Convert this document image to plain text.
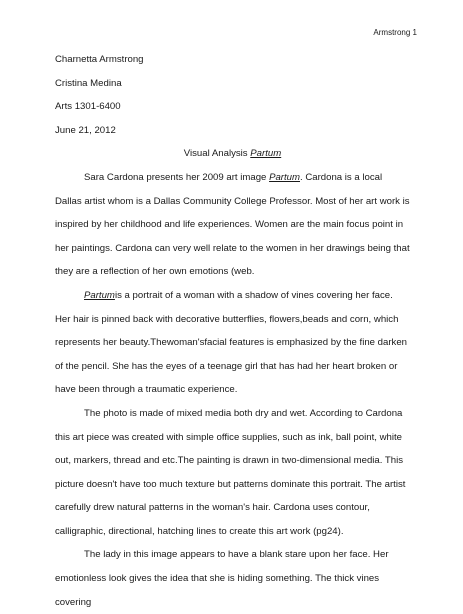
Armstrong 1

Charnetta Armstrong

Cristina Medina

Arts 1301-6400

June 21, 2012

Visual Analysis Partum

Sara Cardona presents her 2009 art image Partum. Cardona is a local Dallas artist whom is a Dallas Community College Professor. Most of her art work is inspired by her childhood and life experiences. Women are the main focus point in her paintings. Cardona can very well relate to the women in her drawings being that they are a reflection of her own emotions (web.

Partumis a portrait of a woman with a shadow of vines covering her face. Her hair is pinned back with decorative butterflies, flowers,beads and corn, which represents her beauty.Thewoman'sfacial features is emphasized by the fine darken of the pencil. She has the eyes of a teenage girl that has had her heart broken or have been through a traumatic experience.

The photo is made of mixed media both dry and wet. According to Cardona this art piece was created with simple office supplies, such as ink, ball point, white out, markers, thread and etc.The painting is drawn in two-dimensional media. This picture doesn't have too much texture but patterns dominate this portrait. The artist carefully drew natural patterns in the woman's hair. Cardona uses contour, calligraphic, directional, hatching lines to create this art work (pg24).

The lady in this image appears to have a blank stare upon her face. Her emotionless look gives the idea that she is hiding something. The thick vines covering
